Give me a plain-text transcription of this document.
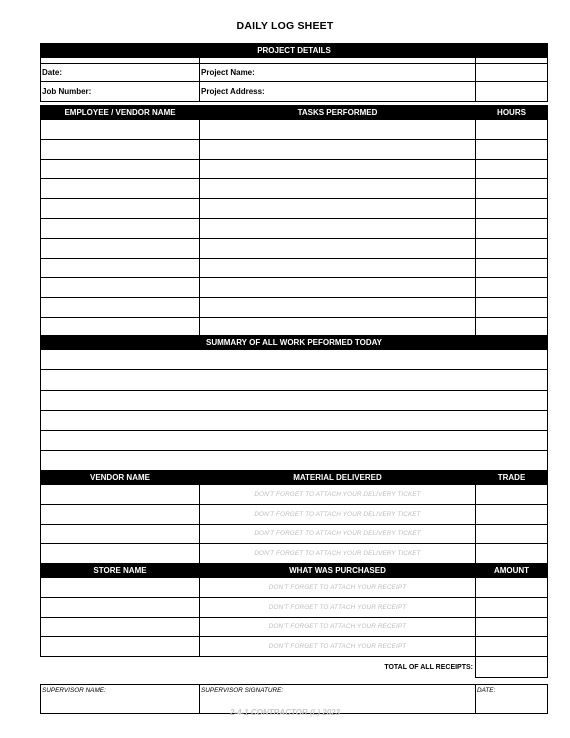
DAILY LOG SHEET
PROJECT DETAILS		

Date:	Project Name:	
Job Number:	Project Address:	
EMPLOYEE / VENDOR NAME	TASKS PERFORMED	HOURS

SUMMARY OF ALL WORK PEFORMED TODAY

VENDOR NAME	MATERIAL DELIVERED	TRADE
	DON'T FORGET TO ATTACH YOUR DELIVERY TICKET	
	DON'T FORGET TO ATTACH YOUR DELIVERY TICKET	
	DON'T FORGET TO ATTACH YOUR DELIVERY TICKET	
	DON'T FORGET TO ATTACH YOUR DELIVERY TICKET	
STORE NAME	WHAT WAS PURCHASED	AMOUNT
	DON'T FORGET TO ATTACH YOUR RECEIPT	
	DON'T FORGET TO ATTACH YOUR RECEIPT	
	DON'T FORGET TO ATTACH YOUR RECEIPT	
	DON'T FORGET TO ATTACH YOUR RECEIPT	
	TOTAL OF ALL RECEIPTS:	
SUPERVISOR NAME:	SUPERVISOR SIGNATURE:	DATE:
2-4-1 CONTRACTOR (L) 2023
